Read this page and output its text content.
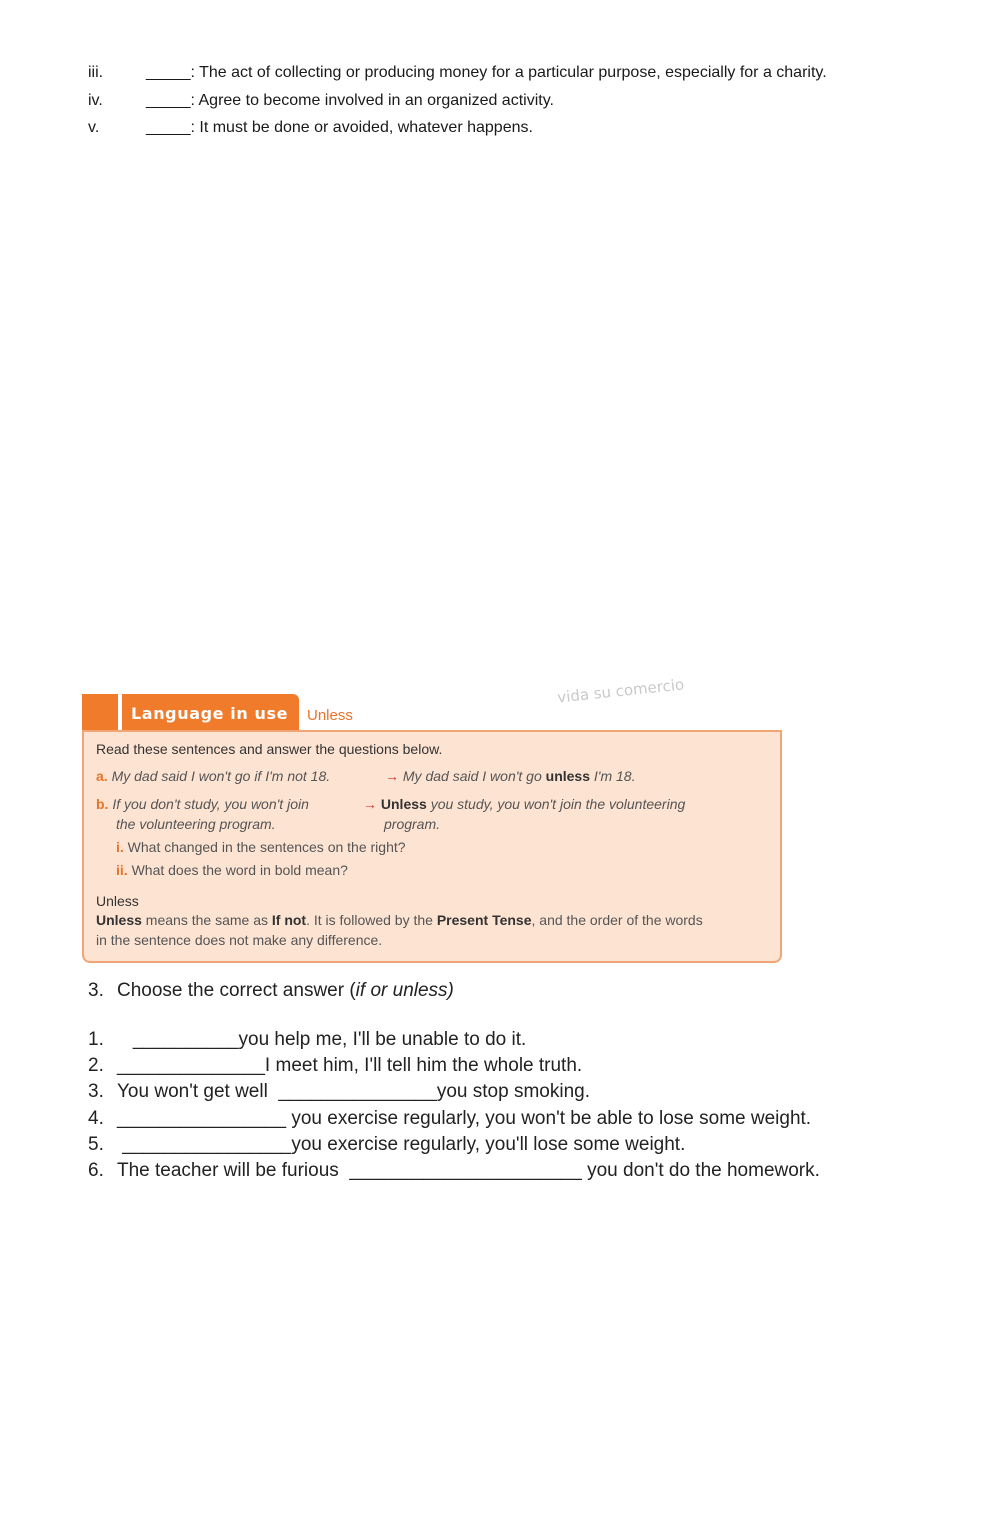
iii.	_____: The act of collecting or producing money for a particular purpose, especially for a charity.
iv.	_____: Agree to become involved in an organized activity.
v.	_____: It must be done or avoided, whatever happens.
Language in use Unless
vida su comercio
Read these sentences and answer the questions below.
a. My dad said I won't go if I'm not 18.	→ My dad said I won't go unless I'm 18.
b. If you don't study, you won't join
the volunteering program.
→ Unless you study, you won't join the volunteering
program.
i. What changed in the sentences on the right?
ii. What does the word in bold mean?
Unless
Unless means the same as If not. It is followed by the Present Tense, and the order of the words
in the sentence does not make any difference.
3. Choose the correct answer (if or unless)
1. __________you help me, I'll be unable to do it.
2. ______________I meet him, I'll tell him the whole truth.
3. You won't get well  _______________you stop smoking.
4. ________________ you exercise regularly, you won't be able to lose some weight.
5. ________________you exercise regularly, you'll lose some weight.
6. The teacher will be furious  ______________________ you don't do the homework.
